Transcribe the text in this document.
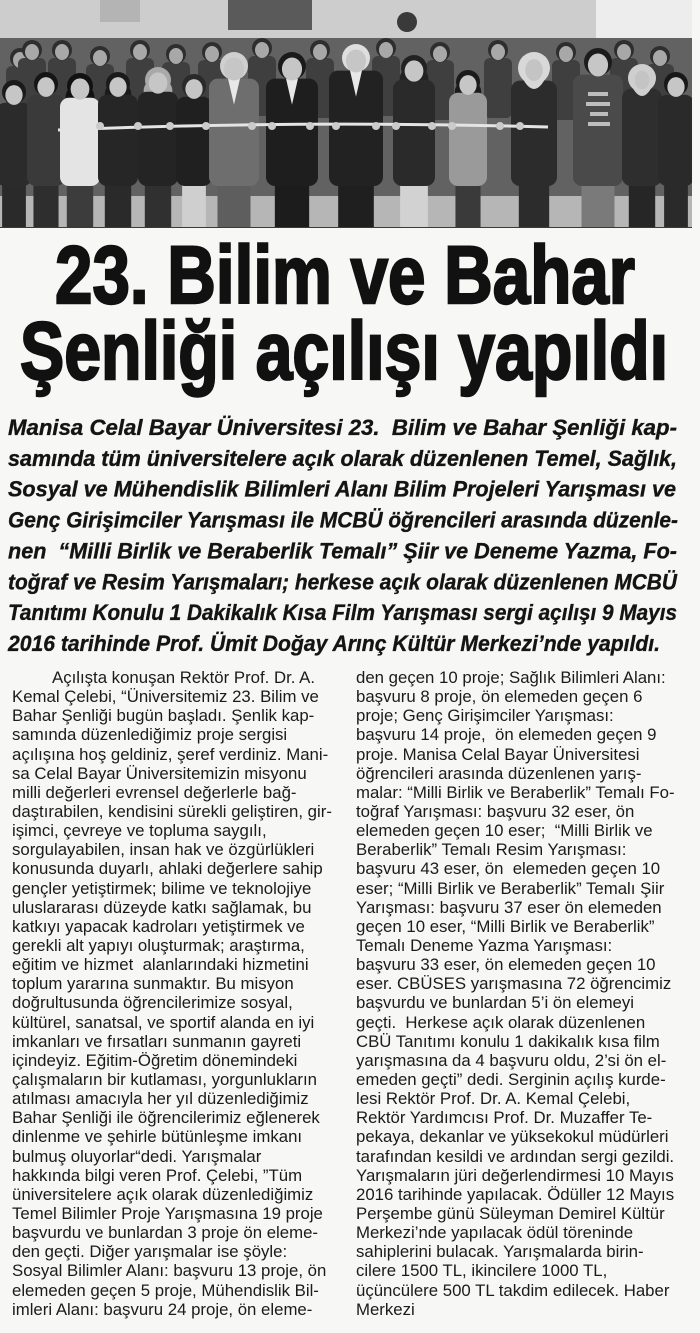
23. Bilim ve Bahar
Şenliği açılışı yapıldı
Manisa Celal Bayar Üniversitesi 23.  Bilim ve Bahar Şenliği kap-
samında tüm üniversitelere açık olarak düzenlenen Temel, Sağlık,
Sosyal ve Mühendislik Bilimleri Alanı Bilim Projeleri Yarışması ve
Genç Girişimciler Yarışması ile MCBÜ öğrencileri arasında düzenle-
nen  “Milli Birlik ve Beraberlik Temalı” Şiir ve Deneme Yazma, Fo-
toğraf ve Resim Yarışmaları; herkese açık olarak düzenlenen MCBÜ
Tanıtımı Konulu 1 Dakikalık Kısa Film Yarışması sergi açılışı 9 Mayıs
2016 tarihinde Prof. Ümit Doğay Arınç Kültür Merkezi’nde yapıldı.
Açılışta konuşan Rektör Prof. Dr. A.
Kemal Çelebi, “Üniversitemiz 23. Bilim ve
Bahar Şenliği bugün başladı. Şenlik kap-
samında düzenlediğimiz proje sergisi
açılışına hoş geldiniz, şeref verdiniz. Mani-
sa Celal Bayar Üniversitemizin misyonu
milli değerleri evrensel değerlerle bağ-
daştırabilen, kendisini sürekli geliştiren, gir-
işimci, çevreye ve topluma saygılı,
sorgulayabilen, insan hak ve özgürlükleri
konusunda duyarlı, ahlaki değerlere sahip
gençler yetiştirmek; bilime ve teknolojiye
uluslararası düzeyde katkı sağlamak, bu
katkıyı yapacak kadroları yetiştirmek ve
gerekli alt yapıyı oluşturmak; araştırma,
eğitim ve hizmet  alanlarındaki hizmetini
toplum yararına sunmaktır. Bu misyon
doğrultusunda öğrencilerimize sosyal,
kültürel, sanatsal, ve sportif alanda en iyi
imkanları ve fırsatları sunmanın gayreti
içindeyiz. Eğitim-Öğretim dönemindeki
çalışmaların bir kutlaması, yorgunlukların
atılması amacıyla her yıl düzenlediğimiz
Bahar Şenliği ile öğrencilerimiz eğlenerek
dinlenme ve şehirle bütünleşme imkanı
bulmuş oluyorlar“dedi. Yarışmalar
hakkında bilgi veren Prof. Çelebi, ”Tüm
üniversitelere açık olarak düzenlediğimiz
Temel Bilimler Proje Yarışmasına 19 proje
başvurdu ve bunlardan 3 proje ön eleme-
den geçti. Diğer yarışmalar ise şöyle:
Sosyal Bilimler Alanı: başvuru 13 proje, ön
elemeden geçen 5 proje, Mühendislik Bil-
imleri Alanı: başvuru 24 proje, ön eleme-
den geçen 10 proje; Sağlık Bilimleri Alanı:
başvuru 8 proje, ön elemeden geçen 6
proje; Genç Girişimciler Yarışması:
başvuru 14 proje,  ön elemeden geçen 9
proje. Manisa Celal Bayar Üniversitesi
öğrencileri arasında düzenlenen yarış-
malar: “Milli Birlik ve Beraberlik” Temalı Fo-
toğraf Yarışması: başvuru 32 eser, ön
elemeden geçen 10 eser;  “Milli Birlik ve
Beraberlik” Temalı Resim Yarışması:
başvuru 43 eser, ön  elemeden geçen 10
eser; “Milli Birlik ve Beraberlik” Temalı Şiir
Yarışması: başvuru 37 eser ön elemeden
geçen 10 eser, “Milli Birlik ve Beraberlik”
Temalı Deneme Yazma Yarışması:
başvuru 33 eser, ön elemeden geçen 10
eser. CBÜSES yarışmasına 72 öğrencimiz
başvurdu ve bunlardan 5’i ön elemeyi
geçti.  Herkese açık olarak düzenlenen
CBÜ Tanıtımı konulu 1 dakikalık kısa film
yarışmasına da 4 başvuru oldu, 2’si ön el-
emeden geçti” dedi. Serginin açılış kurde-
lesi Rektör Prof. Dr. A. Kemal Çelebi,
Rektör Yardımcısı Prof. Dr. Muzaffer Te-
pekaya, dekanlar ve yüksekokul müdürleri
tarafından kesildi ve ardından sergi gezildi.
Yarışmaların jüri değerlendirmesi 10 Mayıs
2016 tarihinde yapılacak. Ödüller 12 Mayıs
Perşembe günü Süleyman Demirel Kültür
Merkezi’nde yapılacak ödül töreninde
sahiplerini bulacak. Yarışmalarda birin-
cilere 1500 TL, ikincilere 1000 TL,
üçüncülere 500 TL takdim edilecek. Haber
Merkezi
